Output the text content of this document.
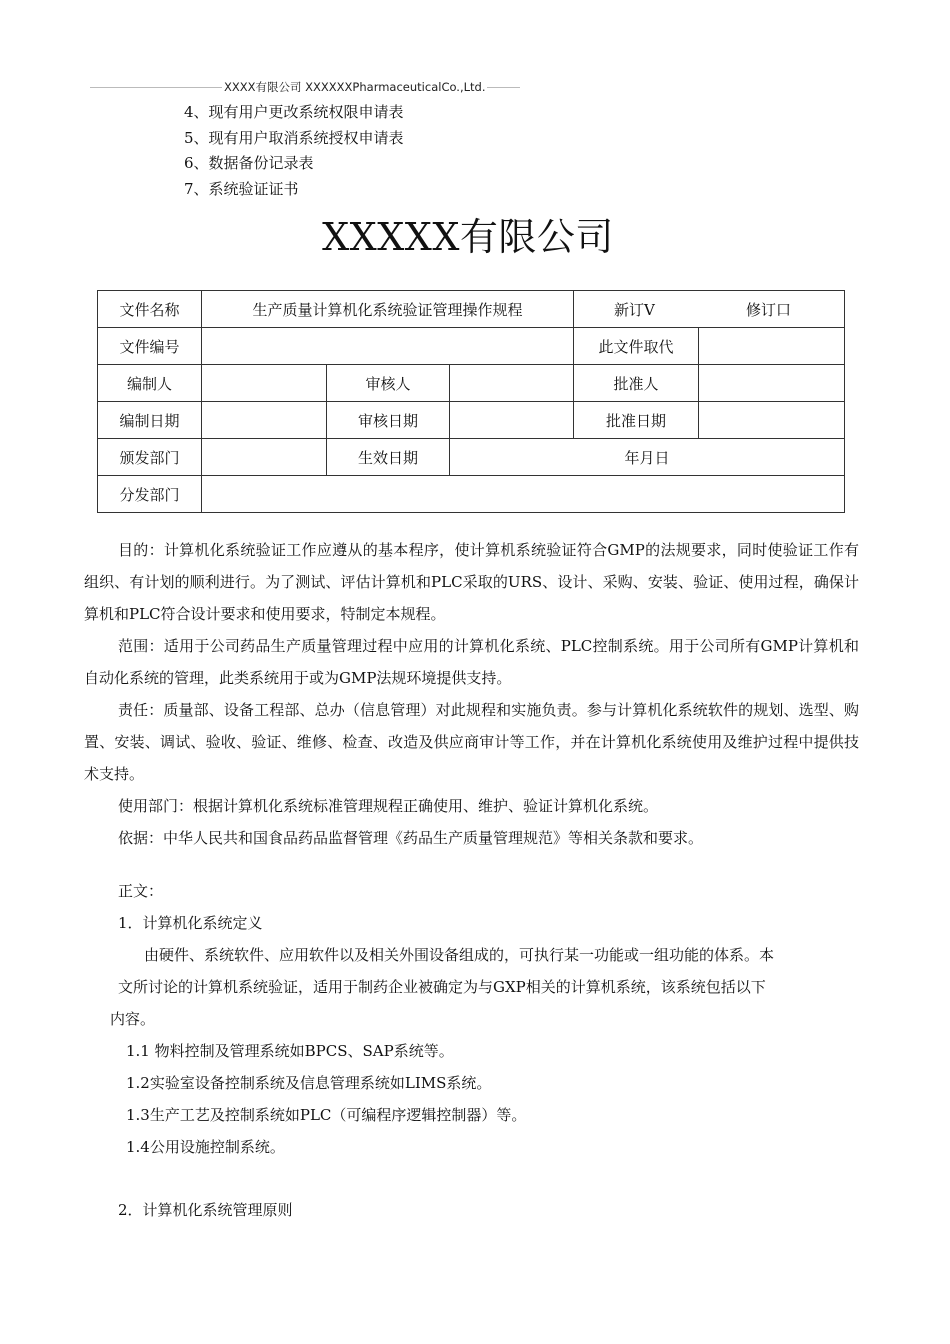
XXXX有限公司 XXXXXXPharmaceuticalCo.,Ltd.
4、现有用户更改系统权限申请表
5、现有用户取消系统授权申请表
6、数据备份记录表
7、系统验证证书
XXXXX有限公司
文件名称	生产质量计算机化系统验证管理操作规程			新订Ⅴ 修订口	
文件编号				此文件取代	
编制人		审核人		批准人	
编制日期		审核日期		批准日期	
颁发部门		生效日期	年月日		
分发部门					

目的：计算机化系统验证工作应遵从的基本程序，使计算机系统验证符合GMP的法规要求，同时使验证工作有组织、有计划的顺利进行。为了测试、评估计算机和PLC采取的URS、设计、采购、安装、验证、使用过程，确保计算机和PLC符合设计要求和使用要求，特制定本规程。

范围：适用于公司药品生产质量管理过程中应用的计算机化系统、PLC控制系统。用于公司所有GMP计算机和自动化系统的管理，此类系统用于或为GMP法规环境提供支持。

责任：质量部、设备工程部、总办（信息管理）对此规程和实施负责。参与计算机化系统软件的规划、选型、购置、安装、调试、验收、验证、维修、检查、改造及供应商审计等工作，并在计算机化系统使用及维护过程中提供技术支持。

使用部门：根据计算机化系统标准管理规程正确使用、维护、验证计算机化系统。

依据：中华人民共和国食品药品监督管理《药品生产质量管理规范》等相关条款和要求。

正文：
1．计算机化系统定义
由硬件、系统软件、应用软件以及相关外围设备组成的，可执行某一功能或一组功能的体系。本
文所讨论的计算机系统验证，适用于制药企业被确定为与GXP相关的计算机系统，该系统包括以下
内容。
1.1 物料控制及管理系统如BPCS、SAP系统等。
1.2实验室设备控制系统及信息管理系统如LIMS系统。
1.3生产工艺及控制系统如PLC（可编程序逻辑控制器）等。
1.4公用设施控制系统。
2．计算机化系统管理原则
